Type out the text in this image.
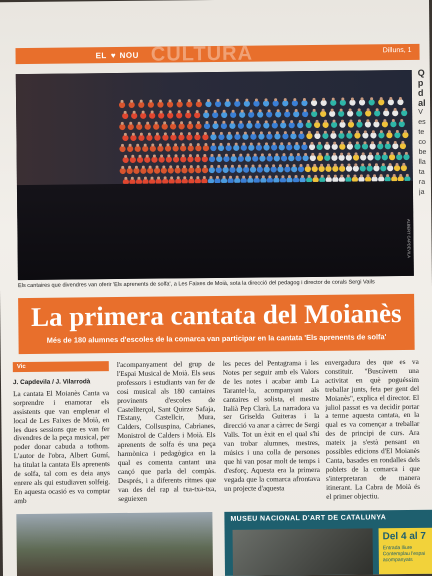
EL ♥ NOU CULTURA	Dilluns, 1
ALBERT CAPDEVILA
Els cantaires que divendres van oferir 'Els aprenents de solfa', a Les Faixes de Moià, sota la direcció del pedagog i director de corals Sergi Vails
La primera cantata del Moianès
Més de 180 alumnes d'escoles de la comarca van participar en la cantata 'Els aprenents de solfa'
Vic
J. Capdevila / J. Vilarrodà

La cantata El Moianès Canta va sorprendre i enamorar els assistents que van emplenar el local de Les Faixes de Moià, en les dues sessions que es van fer divendres de la peça musical, per poder donar cabuda a tothom. L'autor de l'obra, Albert Gumí, ha titulat la cantata Els aprenents de solfa, tal com es deia anys enrere als qui estudiaven solfeig. En aquesta ocasió es va comptar amb

l'acompanyament del grup de l'Espai Musical de Moià. Els seus professors i estudiants van fer de cosi musical als 180 cantaires provinents d'escoles de Castellterçol, Sant Quirze Safaja, l'Estany, Castellcir, Mura, Calders, Collsuspina, Cabrianes, Monistrol de Calders i Moià. Els aprenents de solfa és una peça harmònica i pedagògica en la qual es comenta cantant una cançó que parla del compàs. Després, i a diferents ritmes que van des del rap al txa-txa-txa, seguiexen

les peces del Pentagrama i les Notes per seguir amb els Valors de les notes i acabar amb La Tarantel·la, acompanyant als cantaires el solista, el mestre Italià Pep Clarà. La narradora va ser Griselda Guiteras i la direcció va anar a càrrec de Sergi Valls. Tot un èxit en el qual s'hi van trobar alumnes, mestres, músics i una colla de persones que hi van posar molt de temps i d'esforç. Aquesta era la primera vegada que la comarca afrontava un projecte d'aquesta

envergadura des que es va constituir. "Buscàvem una activitat en què poguéssim treballar junts, feta per gent del Moianès", explica el director. El juliol passat es va decidir portar a terme aquesta cantata, en la qual es va començar a treballar des de principi de curs. Ara mateix ja s'està pensant en possibles edicions d'El Moianès Canta, basades en rondalles dels poblets de la comarca i que s'interpretaran de manera itinerant. La Cabra de Moià és el primer objectiu.

MUSEU NACIONAL D'ART DE CATALUNYA
Del 4 al 7
Entrada lliure Contemplau l'espai acompanyats
Q
p
d
al
V
es
te
co
be
lla
ta
ra
ja
